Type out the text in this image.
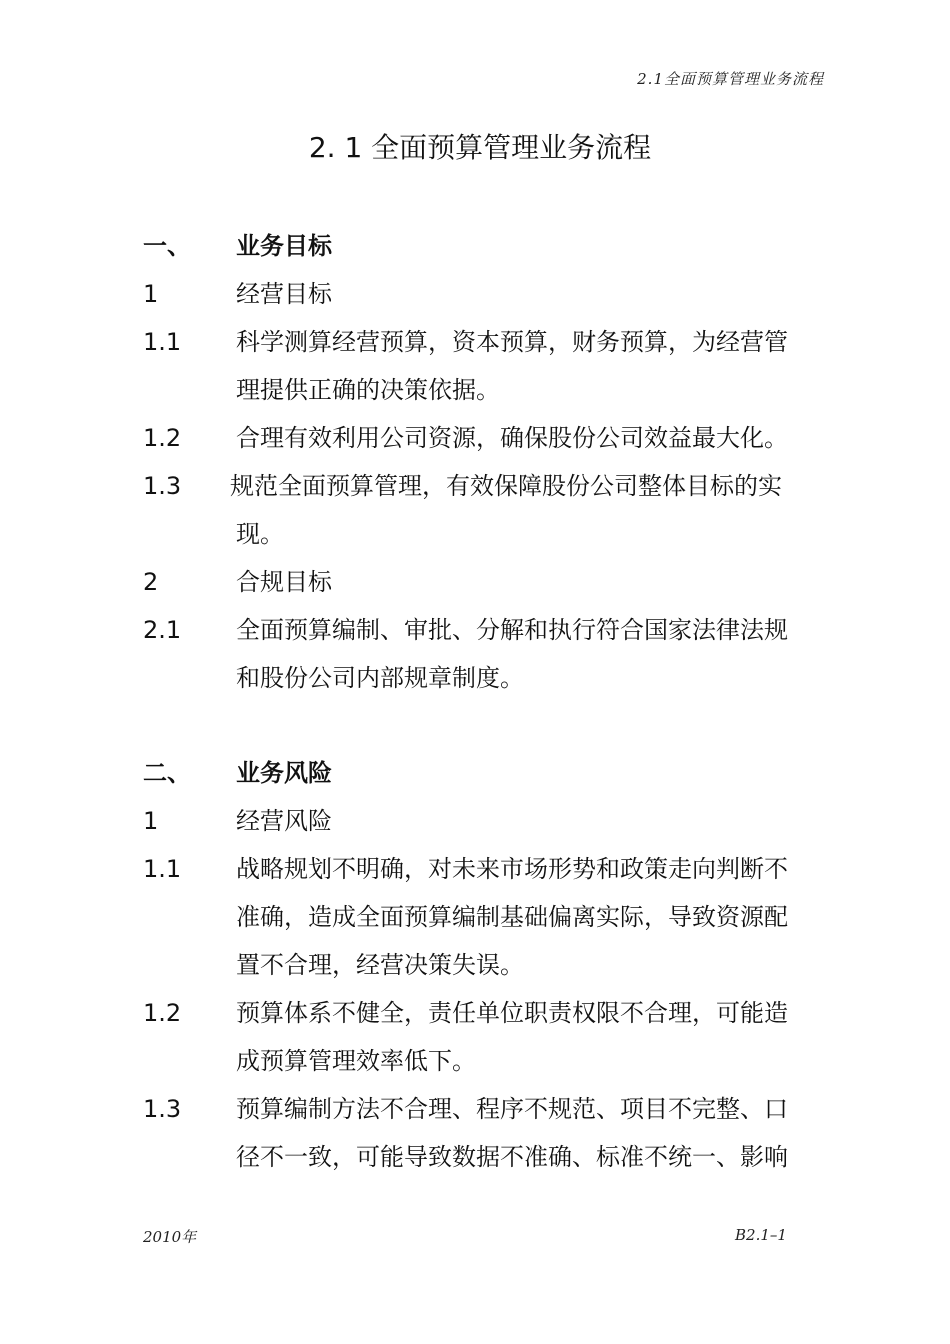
2.1全面预算管理业务流程
2. 1 全面预算管理业务流程
一、 业务目标
1	经营目标
1.1 科学测算经营预算，资本预算，财务预算，为经营管
理提供正确的决策依据。
1.2 合理有效利用公司资源，确保股份公司效益最大化。
1.3 规范全面预算管理，有效保障股份公司整体目标的实
现。
2	合规目标
2.1 全面预算编制、审批、分解和执行符合国家法律法规
和股份公司内部规章制度。
二、 业务风险
1	经营风险
1.1 战略规划不明确，对未来市场形势和政策走向判断不
准确，造成全面预算编制基础偏离实际，导致资源配
置不合理，经营决策失误。
1.2 预算体系不健全，责任单位职责权限不合理，可能造
成预算管理效率低下。
1.3 预算编制方法不合理、程序不规范、项目不完整、口
径不一致，可能导致数据不准确、标准不统一、影响
2010年	B2.1–1
